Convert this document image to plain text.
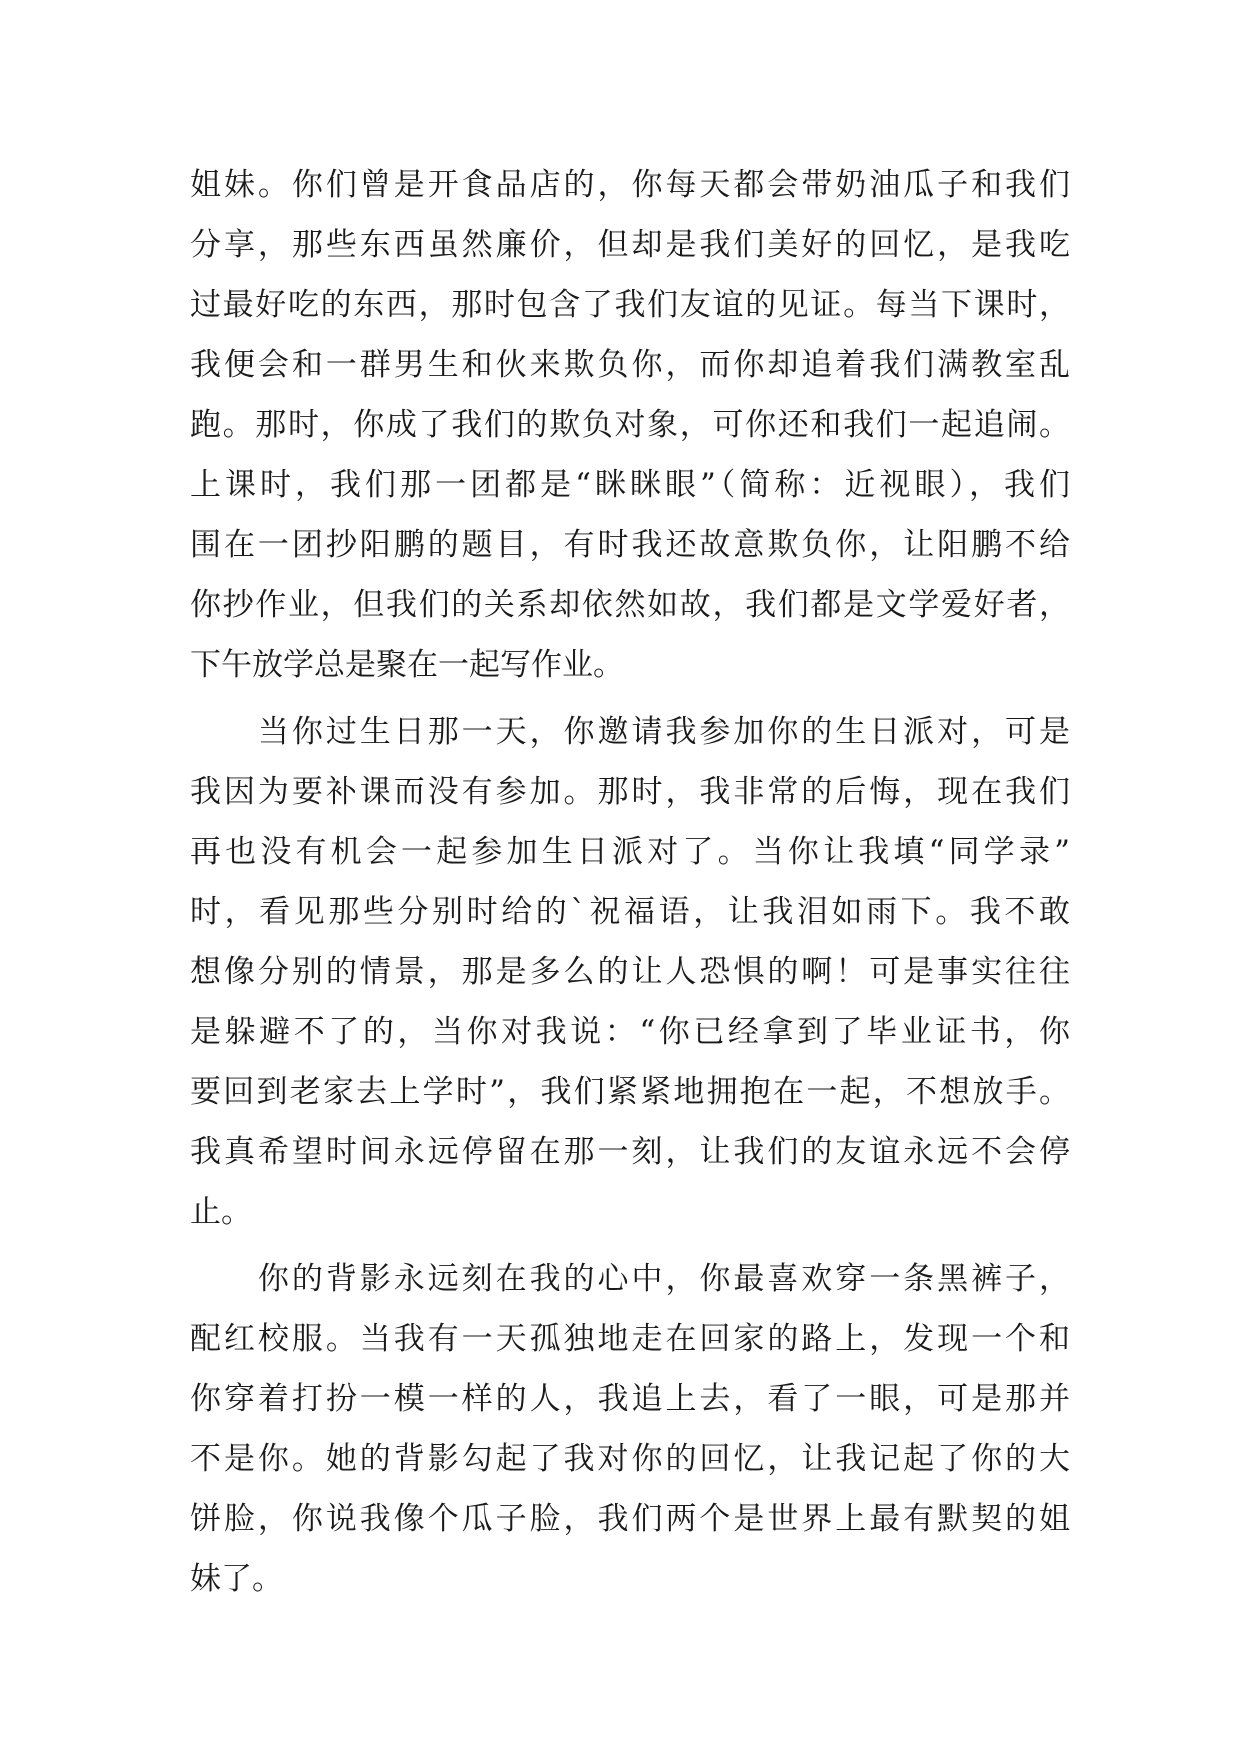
姐妹。你们曾是开食品店的，你每天都会带奶油瓜子和我们
分享，那些东西虽然廉价，但却是我们美好的回忆，是我吃
过最好吃的东西，那时包含了我们友谊的见证。每当下课时，
我便会和一群男生和伙来欺负你，而你却追着我们满教室乱
跑。那时，你成了我们的欺负对象，可你还和我们一起追闹。
上课时，我们那一团都是“眯眯眼”（简称：近视眼），我们
围在一团抄阳鹏的题目，有时我还故意欺负你，让阳鹏不给
你抄作业，但我们的关系却依然如故，我们都是文学爱好者，
下午放学总是聚在一起写作业。
　　当你过生日那一天，你邀请我参加你的生日派对，可是
我因为要补课而没有参加。那时，我非常的后悔，现在我们
再也没有机会一起参加生日派对了。当你让我填“同学录”
时，看见那些分别时给的`祝福语，让我泪如雨下。我不敢
想像分别的情景，那是多么的让人恐惧的啊！可是事实往往
是躲避不了的，当你对我说：“你已经拿到了毕业证书，你
要回到老家去上学时”，我们紧紧地拥抱在一起，不想放手。
我真希望时间永远停留在那一刻，让我们的友谊永远不会停
止。
　　你的背影永远刻在我的心中，你最喜欢穿一条黑裤子，
配红校服。当我有一天孤独地走在回家的路上，发现一个和
你穿着打扮一模一样的人，我追上去，看了一眼，可是那并
不是你。她的背影勾起了我对你的回忆，让我记起了你的大
饼脸，你说我像个瓜子脸，我们两个是世界上最有默契的姐
妹了。
